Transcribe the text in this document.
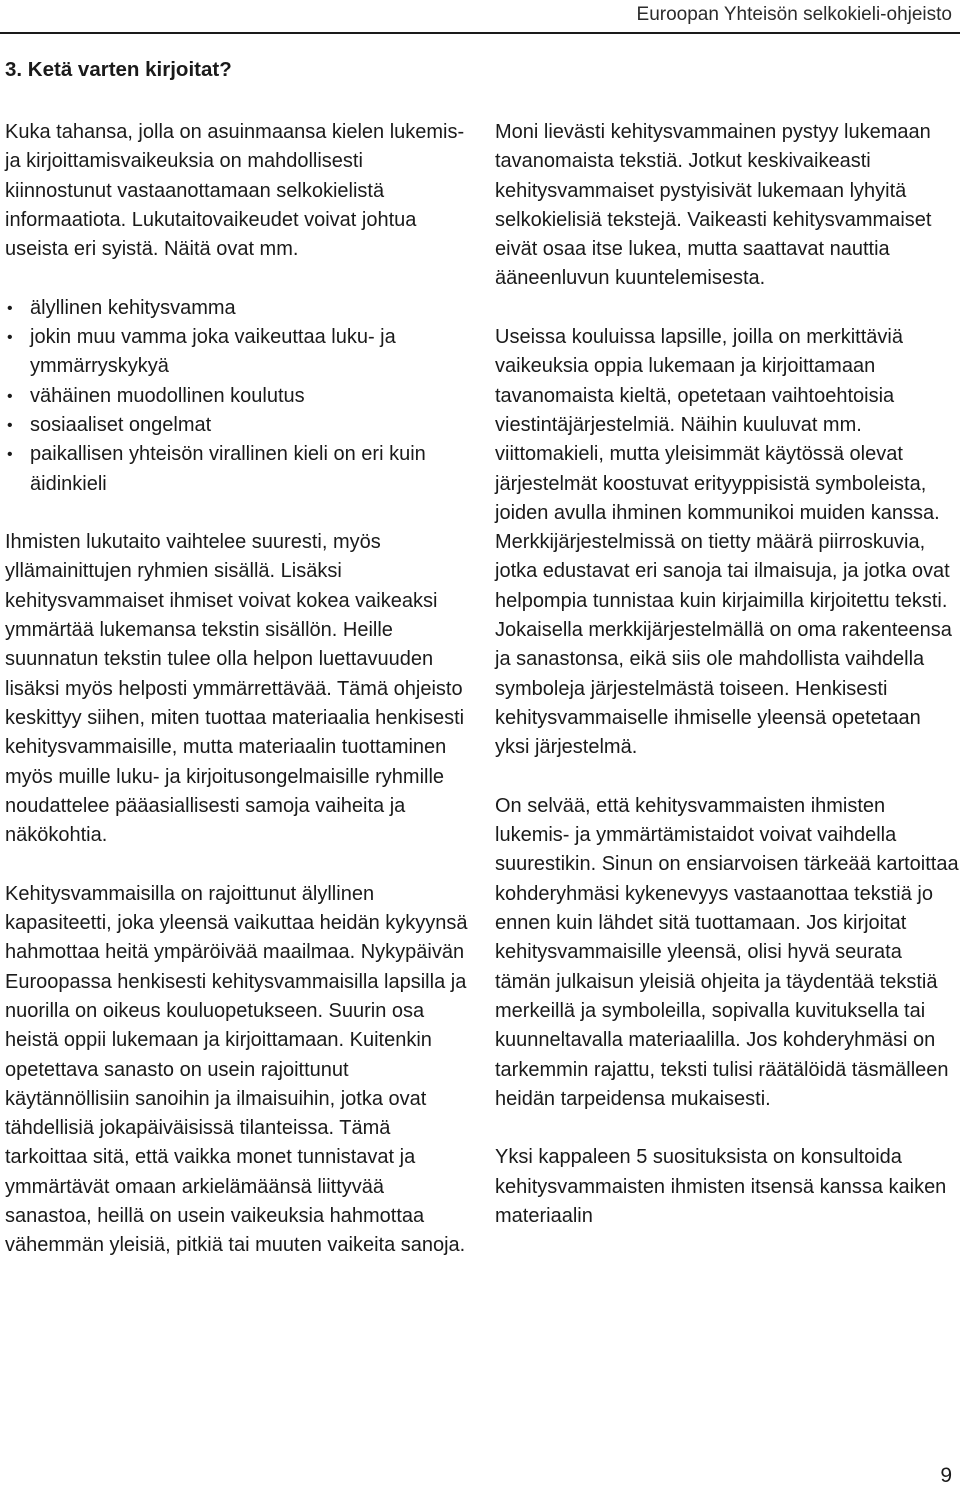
Euroopan Yhteisön selkokieli-ohjeisto
3. Ketä varten kirjoitat?

Kuka tahansa, jolla on asuinmaansa kielen lukemis- ja kirjoittamisvaikeuksia on mahdollisesti kiinnostunut vastaanottamaan selkokielistä informaatiota. Lukutaitovaikeudet voivat johtua useista eri syistä. Näitä ovat mm.

• älyllinen kehitysvamma
• jokin muu vamma joka vaikeuttaa luku- ja ymmärryskykyä
• vähäinen muodollinen koulutus
• sosiaaliset ongelmat
• paikallisen yhteisön virallinen kieli on eri kuin äidinkieli

Ihmisten lukutaito vaihtelee suuresti, myös yllämainittujen ryhmien sisällä. Lisäksi kehitysvammaiset ihmiset voivat kokea vaikeaksi ymmärtää lukemansa tekstin sisällön. Heille suunnatun tekstin tulee olla helpon luettavuuden lisäksi myös helposti ymmärrettävää. Tämä ohjeisto keskittyy siihen, miten tuottaa materiaalia henkisesti kehitysvammaisille, mutta materiaalin tuottaminen myös muille luku- ja kirjoitusongelmaisille ryhmille noudattelee pääasiallisesti samoja vaiheita ja näkökohtia.

Kehitysvammaisilla on rajoittunut älyllinen kapasiteetti, joka yleensä vaikuttaa heidän kykyynsä hahmottaa heitä ympäröivää maailmaa. Nykypäivän Euroopassa henkisesti kehitysvammaisilla lapsilla ja nuorilla on oikeus kouluopetukseen. Suurin osa heistä oppii lukemaan ja kirjoittamaan. Kuitenkin opetettava sanasto on usein rajoittunut käytännöllisiin sanoihin ja ilmaisuihin, jotka ovat tähdellisiä jokapäiväisissä tilanteissa. Tämä tarkoittaa sitä, että vaikka monet tunnistavat ja ymmärtävät omaan arkielämäänsä liittyvää sanastoa, heillä on usein vaikeuksia hahmottaa vähemmän yleisiä, pitkiä tai muuten vaikeita sanoja.

Moni lievästi kehitysvammainen pystyy lukemaan tavanomaista tekstiä. Jotkut keskivaikeasti kehitysvammaiset pystyisivät lukemaan lyhyitä selkokielisiä tekstejä. Vaikeasti kehitysvammaiset eivät osaa itse lukea, mutta saattavat nauttia ääneenluvun kuuntelemisesta.

Useissa kouluissa lapsille, joilla on merkittäviä vaikeuksia oppia lukemaan ja kirjoittamaan tavanomaista kieltä, opetetaan vaihtoehtoisia viestintäjärjestelmiä. Näihin kuuluvat mm. viittomakieli, mutta yleisimmät käytössä olevat järjestelmät koostuvat erityyppisistä symboleista, joiden avulla ihminen kommunikoi muiden kanssa. Merkkijärjestelmissä on tietty määrä piirroskuvia, jotka edustavat eri sanoja tai ilmaisuja, ja jotka ovat helpompia tunnistaa kuin kirjaimilla kirjoitettu teksti. Jokaisella merkkijärjestelmällä on oma rakenteensa ja sanastonsa, eikä siis ole mahdollista vaihdella symboleja järjestelmästä toiseen. Henkisesti kehitysvammaiselle ihmiselle yleensä opetetaan yksi järjestelmä.

On selvää, että kehitysvammaisten ihmisten lukemis- ja ymmärtämistaidot voivat vaihdella suurestikin. Sinun on ensiarvoisen tärkeää kartoittaa kohderyhmäsi kykenevyys vastaanottaa tekstiä jo ennen kuin lähdet sitä tuottamaan. Jos kirjoitat kehitysvammaisille yleensä, olisi hyvä seurata tämän julkaisun yleisiä ohjeita ja täydentää tekstiä merkeillä ja symboleilla, sopivalla kuvituksella tai kuunneltavalla materiaalilla. Jos kohderyhmäsi on tarkemmin rajattu, teksti tulisi räätälöidä täsmälleen heidän tarpeidensa mukaisesti.

Yksi kappaleen 5 suosituksista on konsultoida kehitysvammaisten ihmisten itsensä kanssa kaiken materiaalin

9
